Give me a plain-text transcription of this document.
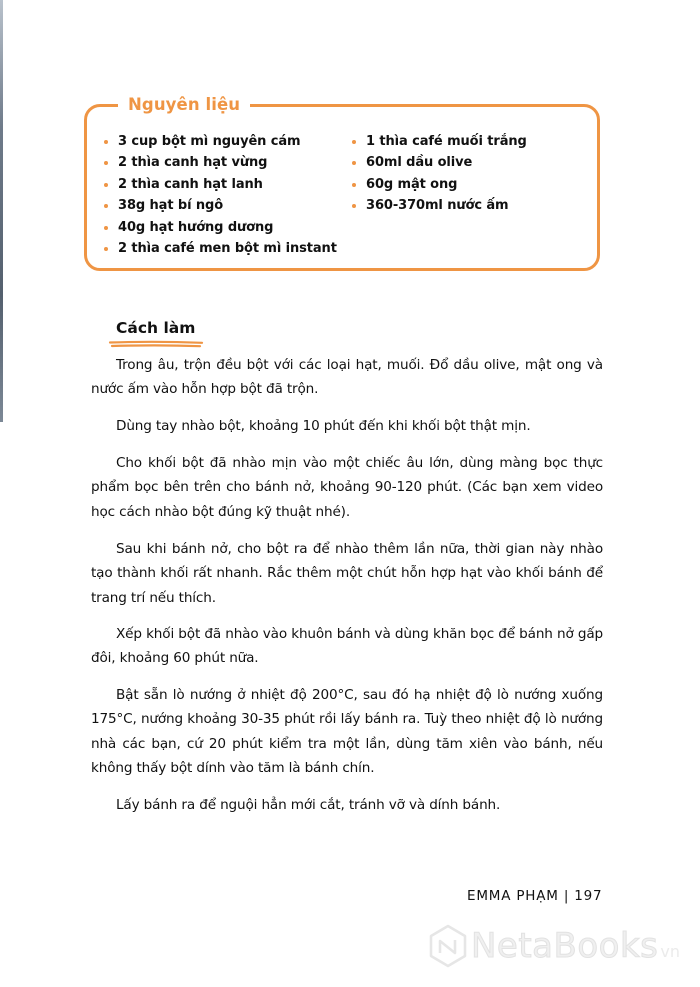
Nguyên liệu
3 cup bột mì nguyên cám
2 thìa canh hạt vừng
2 thìa canh hạt lanh
38g hạt bí ngô
40g hạt hướng dương
2 thìa café men bột mì instant
1 thìa café muối trắng
60ml dầu olive
60g mật ong
360-370ml nước ấm
Cách làm

Trong âu, trộn đều bột với các loại hạt, muối. Đổ dầu olive, mật ong và nước ấm vào hỗn hợp bột đã trộn.

Dùng tay nhào bột, khoảng 10 phút đến khi khối bột thật mịn.

Cho khối bột đã nhào mịn vào một chiếc âu lớn, dùng màng bọc thực phẩm bọc bên trên cho bánh nở, khoảng 90-120 phút. (Các bạn xem video học cách nhào bột đúng kỹ thuật nhé).

Sau khi bánh nở, cho bột ra để nhào thêm lần nữa, thời gian này nhào tạo thành khối rất nhanh. Rắc thêm một chút hỗn hợp hạt vào khối bánh để trang trí nếu thích.

Xếp khối bột đã nhào vào khuôn bánh và dùng khăn bọc để bánh nở gấp đôi, khoảng 60 phút nữa.

Bật sẵn lò nướng ở nhiệt độ 200°C, sau đó hạ nhiệt độ lò nướng xuống 175°C, nướng khoảng 30-35 phút rồi lấy bánh ra. Tuỳ theo nhiệt độ lò nướng nhà các bạn, cứ 20 phút kiểm tra một lần, dùng tăm xiên vào bánh, nếu không thấy bột dính vào tăm là bánh chín.

Lấy bánh ra để nguội hẳn mới cắt, tránh vỡ và dính bánh.

EMMA PHẠM | 197
NetaBooks vn
